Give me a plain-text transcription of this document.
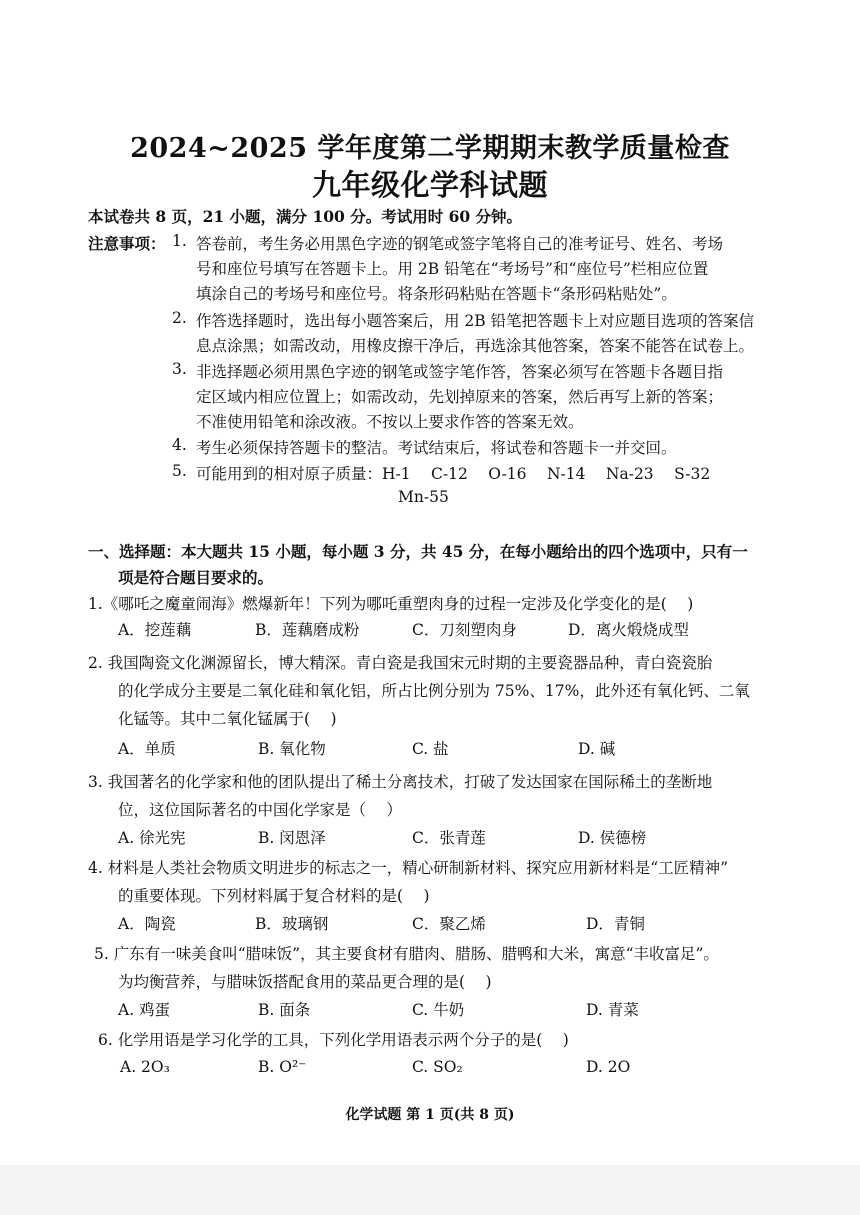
2024~2025 学年度第二学期期末教学质量检查
九年级化学科试题
本试卷共 8 页，21 小题，满分 100 分。考试用时 60 分钟。
注意事项： 1. 答卷前，考生务必用黑色字迹的钢笔或签字笔将自己的准考证号、姓名、考场
号和座位号填写在答题卡上。用 2B 铅笔在“考场号”和“座位号”栏相应位置
填涂自己的考场号和座位号。将条形码粘贴在答题卡“条形码粘贴处”。
2. 作答选择题时，选出每小题答案后，用 2B 铅笔把答题卡上对应题目选项的答案信
息点涂黑；如需改动，用橡皮擦干净后，再选涂其他答案，答案不能答在试卷上。
3. 非选择题必须用黑色字迹的钢笔或签字笔作答，答案必须写在答题卡各题目指
定区域内相应位置上；如需改动，先划掉原来的答案，然后再写上新的答案；
不准使用铅笔和涂改液。不按以上要求作答的答案无效。
4. 考生必须保持答题卡的整洁。考试结束后，将试卷和答题卡一并交回。
5. 可能用到的相对原子质量：H-1　 C-12　 O-16　 N-14　 Na-23　 S-32
Mn-55
一、选择题：本大题共 15 小题，每小题 3 分，共 45 分，在每小题给出的四个选项中，只有一
项是符合题目要求的。
1.《哪吒之魔童闹海》燃爆新年！下列为哪吒重塑肉身的过程一定涉及化学变化的是(　 )
A．挖莲藕	B．莲藕磨成粉	C．刀刻塑肉身	D．离火煅烧成型
2. 我国陶瓷文化渊源留长，博大精深。青白瓷是我国宋元时期的主要瓷器品种，青白瓷瓷胎
的化学成分主要是二氧化硅和氧化铝，所占比例分别为 75%、17%，此外还有氧化钙、二氧
化锰等。其中二氧化锰属于(　 )
A．单质	B. 氧化物	C. 盐	D. 碱
3. 我国著名的化学家和他的团队提出了稀土分离技术，打破了发达国家在国际稀土的垄断地
位，这位国际著名的中国化学家是（　 ）
A. 徐光宪	B. 闵恩泽	C．张青莲	D. 侯德榜
4. 材料是人类社会物质文明进步的标志之一，精心研制新材料、探究应用新材料是“工匠精神”
的重要体现。下列材料属于复合材料的是(　 )
A．陶瓷	B．玻璃钢	C．聚乙烯	D．青铜
5. 广东有一味美食叫“腊味饭”，其主要食材有腊肉、腊肠、腊鸭和大米，寓意“丰收富足”。
为均衡营养，与腊味饭搭配食用的菜品更合理的是(　 )
A. 鸡蛋	B. 面条	C. 牛奶	D. 青菜
6. 化学用语是学习化学的工具，下列化学用语表示两个分子的是(　 )
A. 2O₃	B. O²⁻	C. SO₂	D. 2O
化学试题 第 1 页(共 8 页)
